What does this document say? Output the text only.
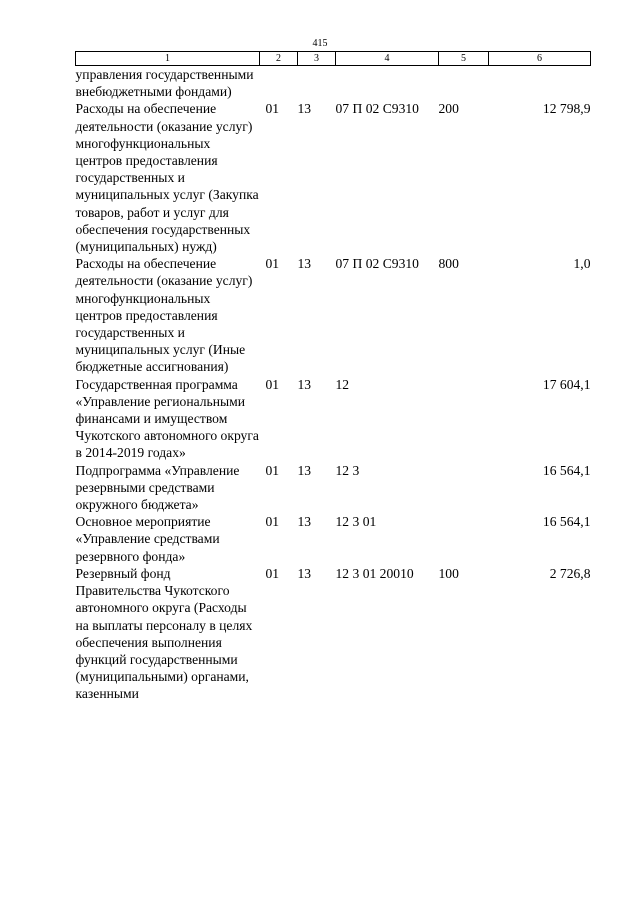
415
1	2	3	4	5	6
управления государственными внебюджетными фондами)					
Расходы на обеспечение деятельности (оказание услуг) многофункциональных центров предоставления государственных и муниципальных услуг (Закупка товаров, работ и услуг для обеспечения государственных (муниципальных) нужд)	01	13	07 П 02 С9310	200	12 798,9
Расходы на обеспечение деятельности (оказание услуг) многофункциональных центров предоставления государственных и муниципальных услуг (Иные бюджетные ассигнования)	01	13	07 П 02 С9310	800	1,0
Государственная программа «Управление региональными финансами и имуществом Чукотского автономного округа в 2014-2019 годах»	01	13	12		17 604,1
Подпрограмма «Управление резервными средствами окружного бюджета»	01	13	12 3		16 564,1
Основное мероприятие «Управление средствами резервного фонда»	01	13	12 3 01		16 564,1
Резервный фонд Правительства Чукотского автономного округа (Расходы на выплаты персоналу в целях обеспечения выполнения функций государственными (муниципальными) органами, казенными	01	13	12 3 01 20010	100	2 726,8
